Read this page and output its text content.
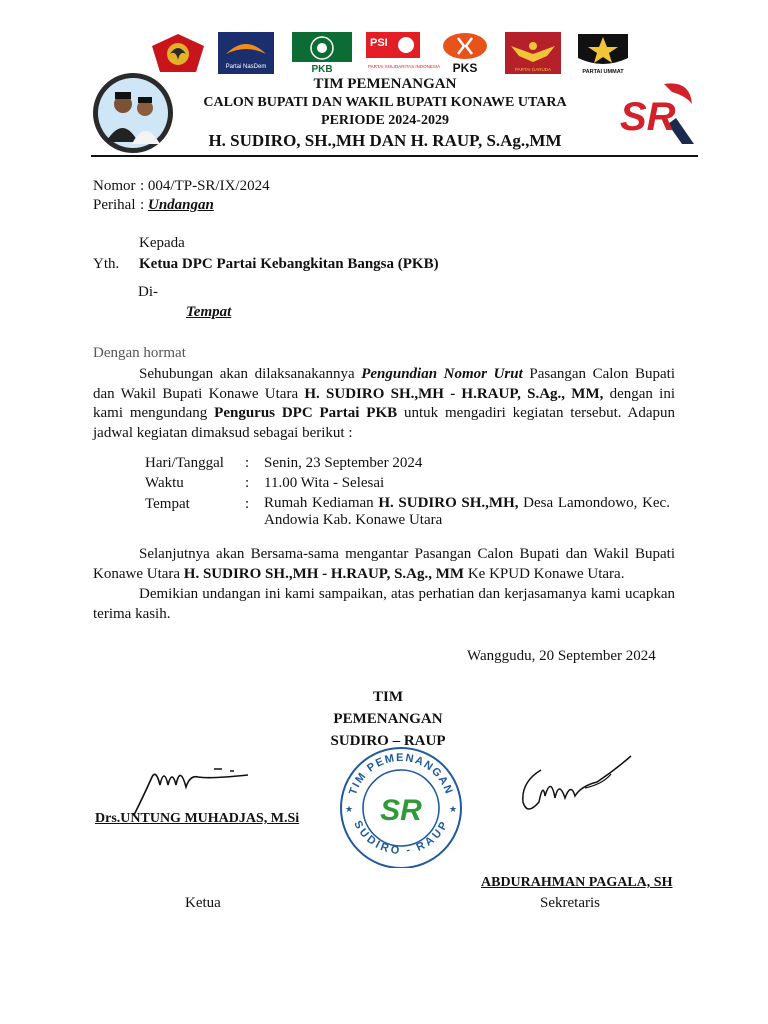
Partai NasDem	PKB
PSI
PARTAI SOLIDARITAS INDONESIA PKS	PARTAI GARUDA	PARTAI UMMAT
TIM PEMENANGAN
CALON BUPATI DAN WAKIL BUPATI KONAWE UTARA
PERIODE 2024-2029
H. SUDIRO, SH.,MH DAN H. RAUP, S.Ag.,MM
SR
Nomor : 004/TP-SR/IX/2024
Perihal : Undangan
Kepada
Yth. Ketua DPC Partai Kebangkitan Bangsa (PKB)
Di-
Tempat
Dengan hormat
Sehubungan akan dilaksanakannya Pengundian Nomor Urut Pasangan Calon Bupati dan Wakil Bupati Konawe Utara H. SUDIRO SH.,MH - H.RAUP, S.Ag., MM, dengan ini kami mengundang Pengurus DPC Partai PKB untuk mengadiri kegiatan tersebut. Adapun jadwal kegiatan dimaksud sebagai berikut :
Hari/Tanggal	: Senin, 23 September 2024
Waktu	: 11.00 Wita - Selesai
Tempat	: Rumah Kediaman H. SUDIRO SH.,MH, Desa Lamondowo, Kec. Andowia Kab. Konawe Utara
Selanjutnya akan Bersama-sama mengantar Pasangan Calon Bupati dan Wakil Bupati Konawe Utara H. SUDIRO SH.,MH - H.RAUP, S.Ag., MM Ke KPUD Konawe Utara.
Demikian undangan ini kami sampaikan, atas perhatian dan kerjasamanya kami ucapkan terima kasih.
Wanggudu, 20 September 2024
TIM
PEMENANGAN
SUDIRO – RAUP
TIM PEMENANGAN
SUDIRO - RAUP
★	★
SR
Drs.UNTUNG MUHADJAS, M.Si
ABDURAHMAN PAGALA, SH
Ketua	Sekretaris
